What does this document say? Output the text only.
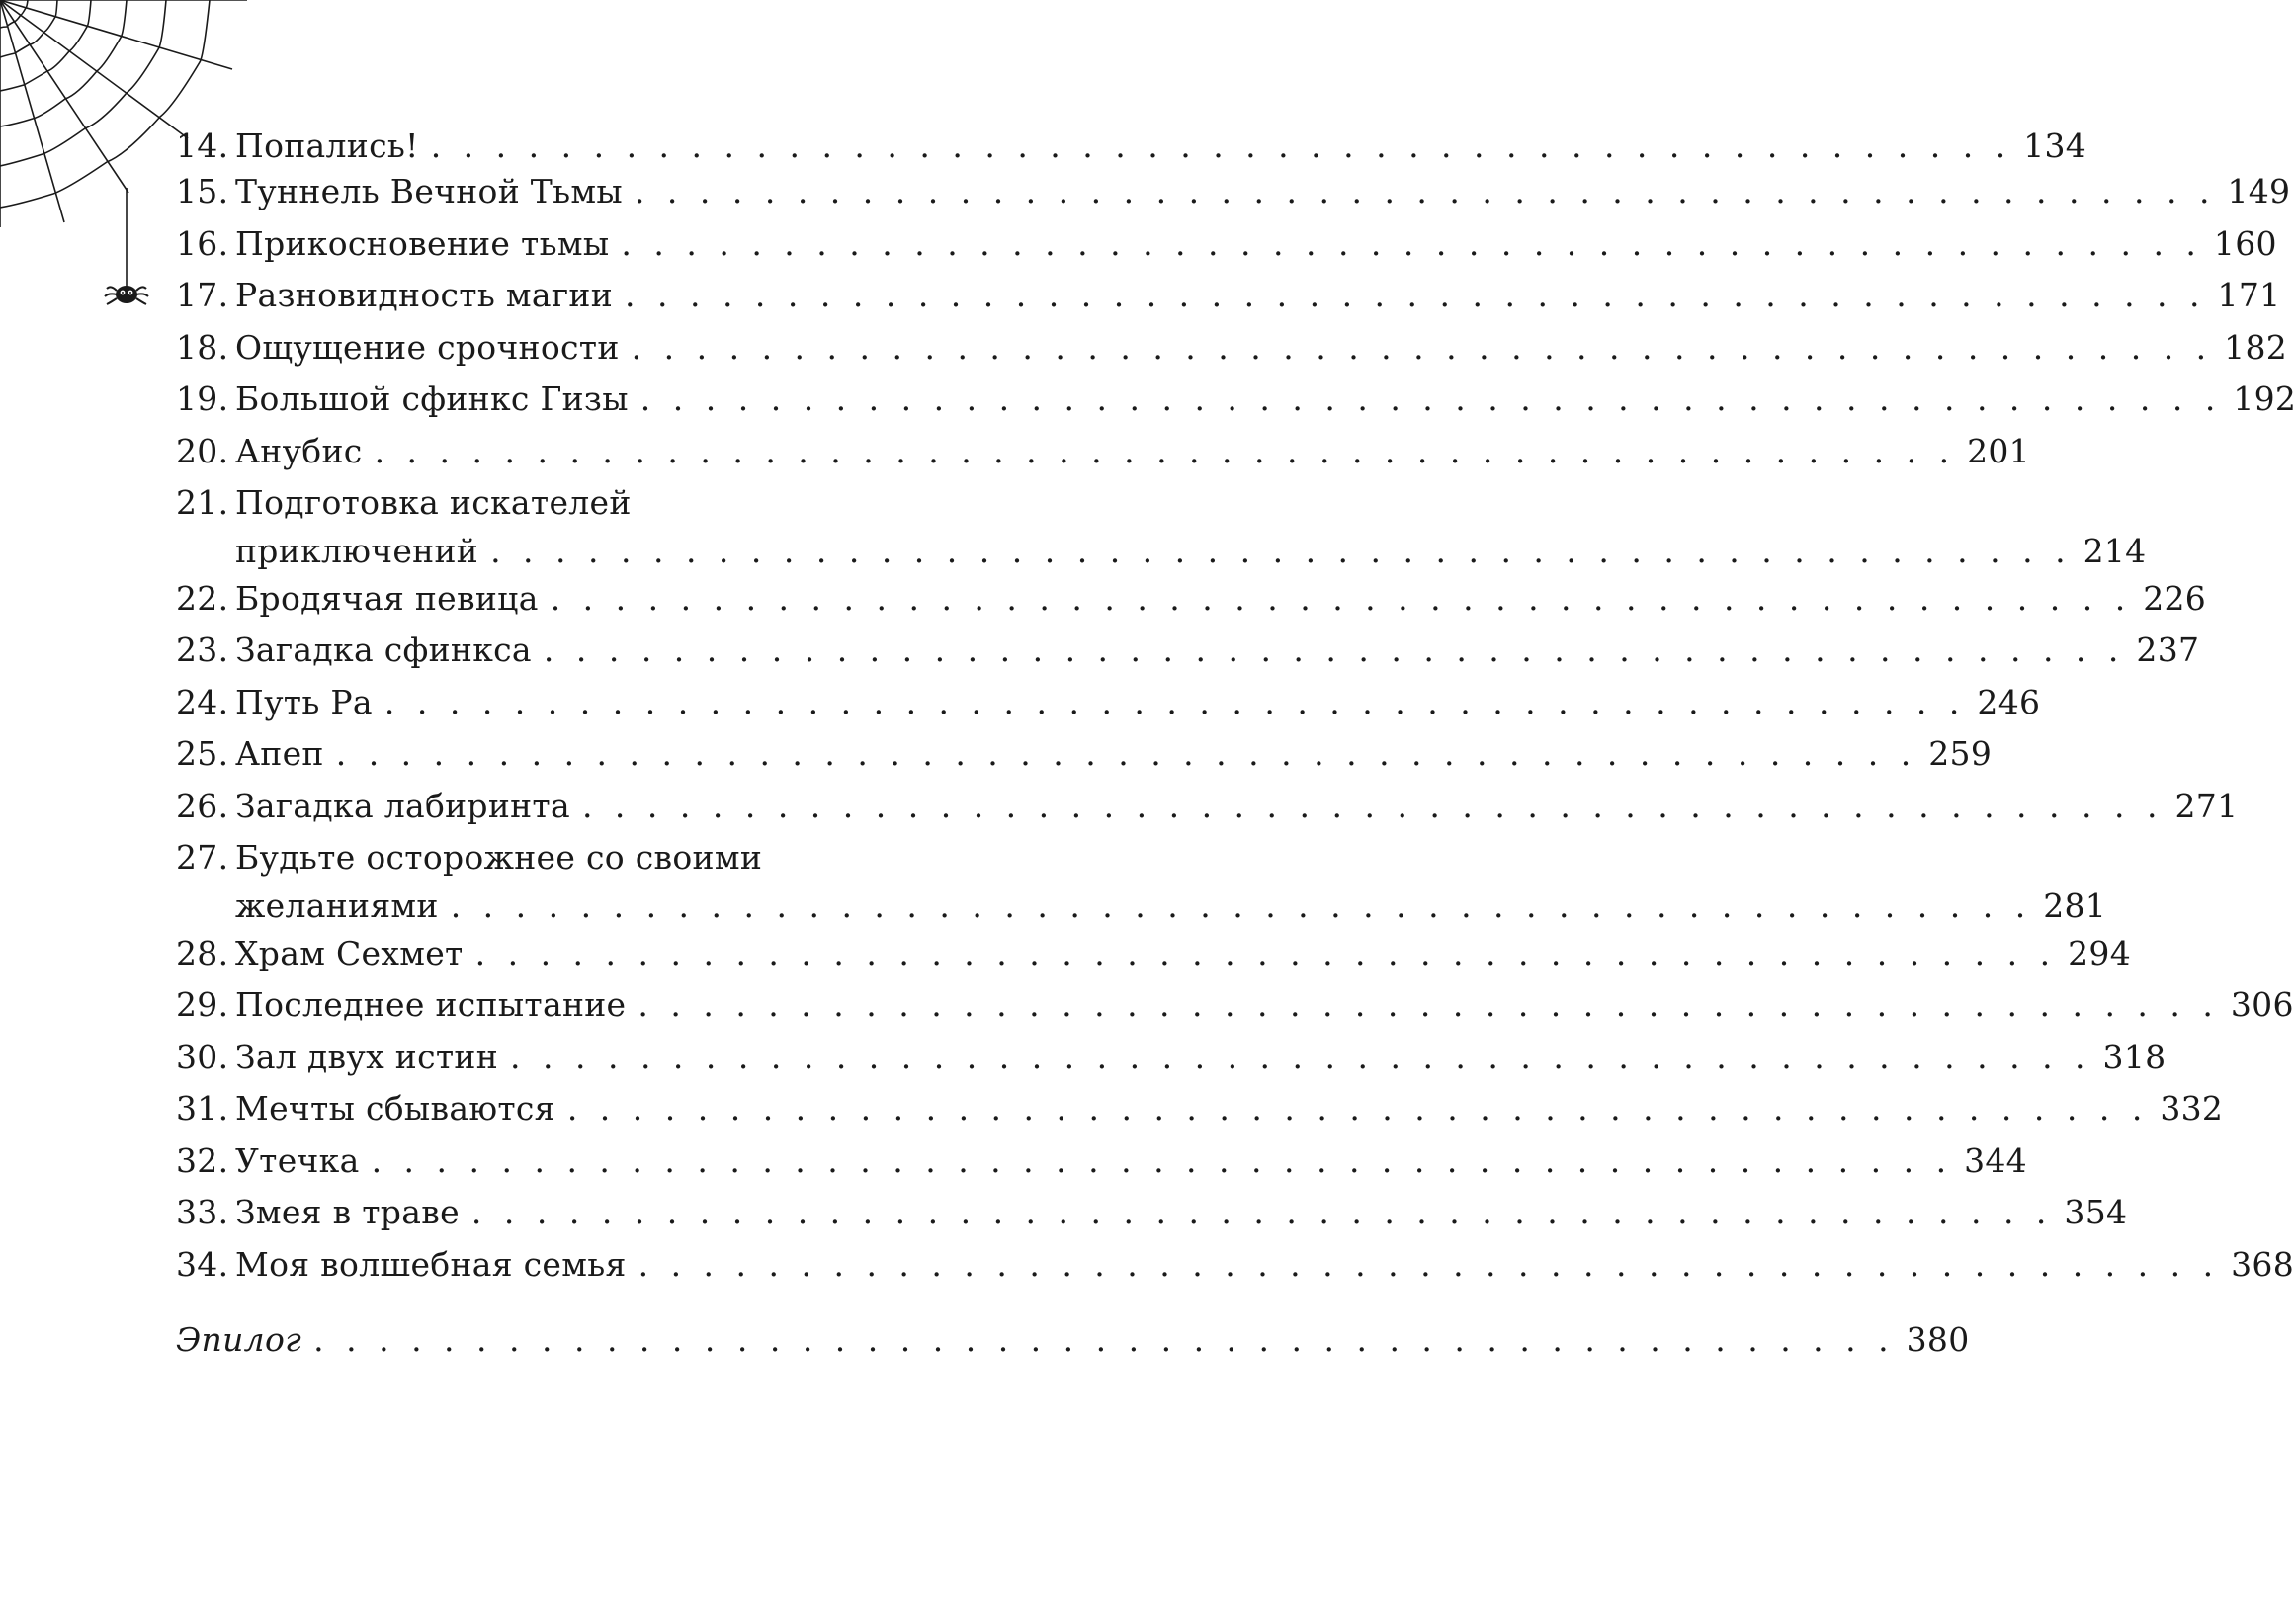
14. Попались! . . . . . . . . . . . . . . . . . . . . . . . . . . . . . . . . . . . . . . . . . . . . . . . . . 134
15. Туннель Вечной Тьмы . . . . . . . . . . . . . . . . . . . . . . . . . . . . . . . . . . . . . . . . . . . . . . . . . 149
16. Прикосновение тьмы . . . . . . . . . . . . . . . . . . . . . . . . . . . . . . . . . . . . . . . . . . . . . . . . . 160
17. Разновидность магии . . . . . . . . . . . . . . . . . . . . . . . . . . . . . . . . . . . . . . . . . . . . . . . . . 171
18. Ощущение срочности . . . . . . . . . . . . . . . . . . . . . . . . . . . . . . . . . . . . . . . . . . . . . . . . . 182
19. Большой сфинкс Гизы . . . . . . . . . . . . . . . . . . . . . . . . . . . . . . . . . . . . . . . . . . . . . . . . . 192
20. Анубис . . . . . . . . . . . . . . . . . . . . . . . . . . . . . . . . . . . . . . . . . . . . . . . . . 201
21. Подготовка искателей
приключений . . . . . . . . . . . . . . . . . . . . . . . . . . . . . . . . . . . . . . . . . . . . . . . . . 214
22. Бродячая певица . . . . . . . . . . . . . . . . . . . . . . . . . . . . . . . . . . . . . . . . . . . . . . . . . 226
23. Загадка сфинкса . . . . . . . . . . . . . . . . . . . . . . . . . . . . . . . . . . . . . . . . . . . . . . . . . 237
24. Путь Ра . . . . . . . . . . . . . . . . . . . . . . . . . . . . . . . . . . . . . . . . . . . . . . . . . 246
25. Апеп . . . . . . . . . . . . . . . . . . . . . . . . . . . . . . . . . . . . . . . . . . . . . . . . . 259
26. Загадка лабиринта . . . . . . . . . . . . . . . . . . . . . . . . . . . . . . . . . . . . . . . . . . . . . . . . . 271
27. Будьте осторожнее со своими
желаниями . . . . . . . . . . . . . . . . . . . . . . . . . . . . . . . . . . . . . . . . . . . . . . . . . 281
28. Храм Сехмет . . . . . . . . . . . . . . . . . . . . . . . . . . . . . . . . . . . . . . . . . . . . . . . . . 294
29. Последнее испытание . . . . . . . . . . . . . . . . . . . . . . . . . . . . . . . . . . . . . . . . . . . . . . . . . 306
30. Зал двух истин . . . . . . . . . . . . . . . . . . . . . . . . . . . . . . . . . . . . . . . . . . . . . . . . . 318
31. Мечты сбываются . . . . . . . . . . . . . . . . . . . . . . . . . . . . . . . . . . . . . . . . . . . . . . . . . 332
32. Утечка . . . . . . . . . . . . . . . . . . . . . . . . . . . . . . . . . . . . . . . . . . . . . . . . . 344
33. Змея в траве . . . . . . . . . . . . . . . . . . . . . . . . . . . . . . . . . . . . . . . . . . . . . . . . . 354
34. Моя волшебная семья . . . . . . . . . . . . . . . . . . . . . . . . . . . . . . . . . . . . . . . . . . . . . . . . . 368
Эпилог . . . . . . . . . . . . . . . . . . . . . . . . . . . . . . . . . . . . . . . . . . . . . . . . . 380
